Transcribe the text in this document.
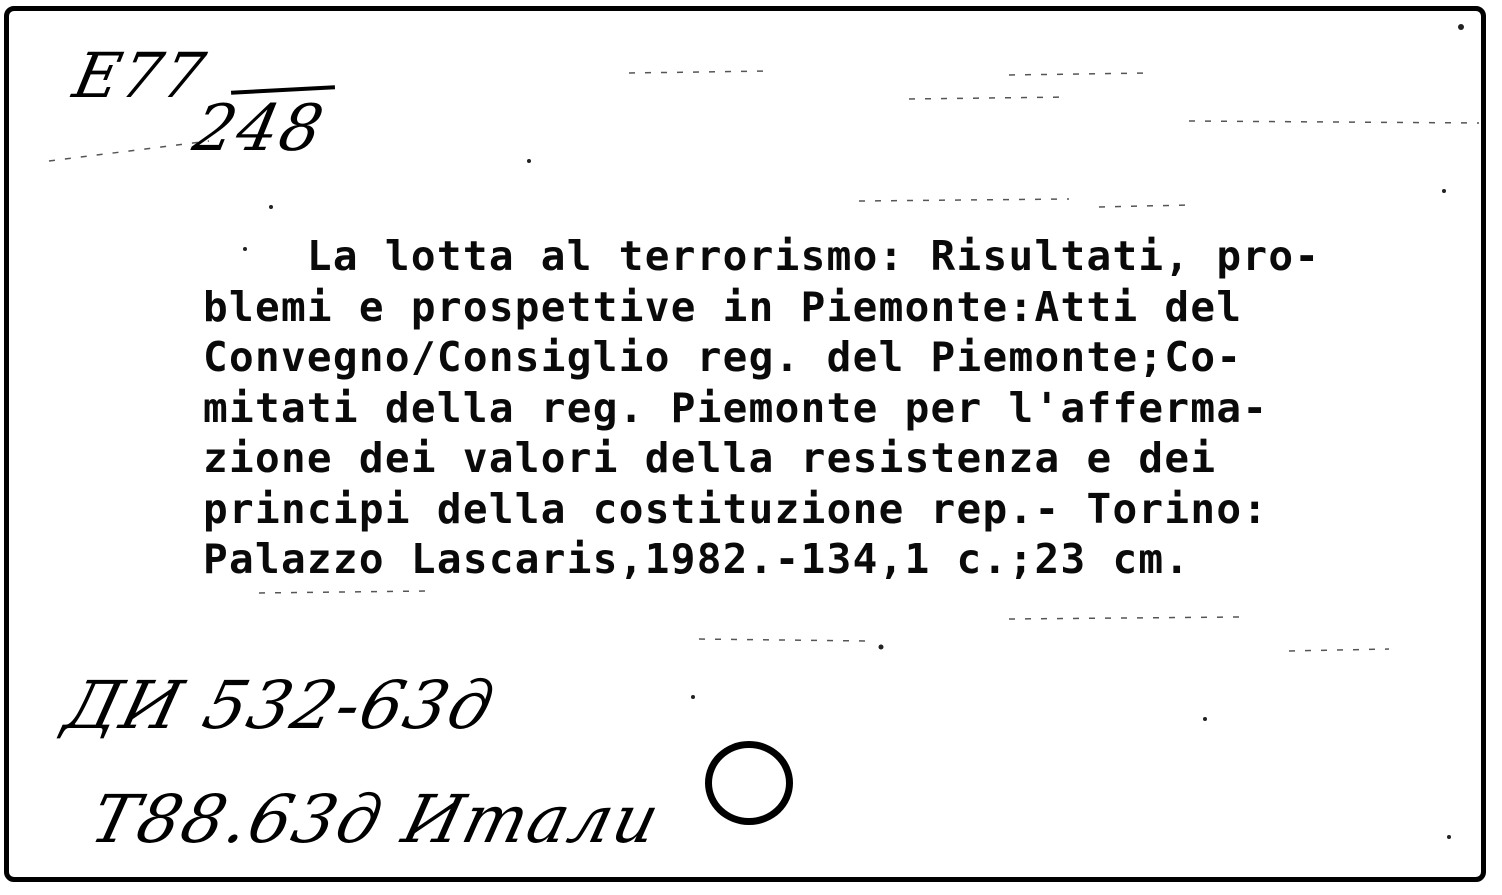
Е77
248
La lotta al terrorismo: Risultati, pro-
blemi e prospettive in Piemonte:Atti del
Convegno/Consiglio reg. del Piemonte;Co-
mitati della reg. Piemonte per l'afferma-
zione dei valori della resistenza e dei
principi della costituzione rep.- Torino:
Palazzo Lascaris,1982.-134,1 c.;23 cm.
ДИ 532-63д
Т88.63д Итали
